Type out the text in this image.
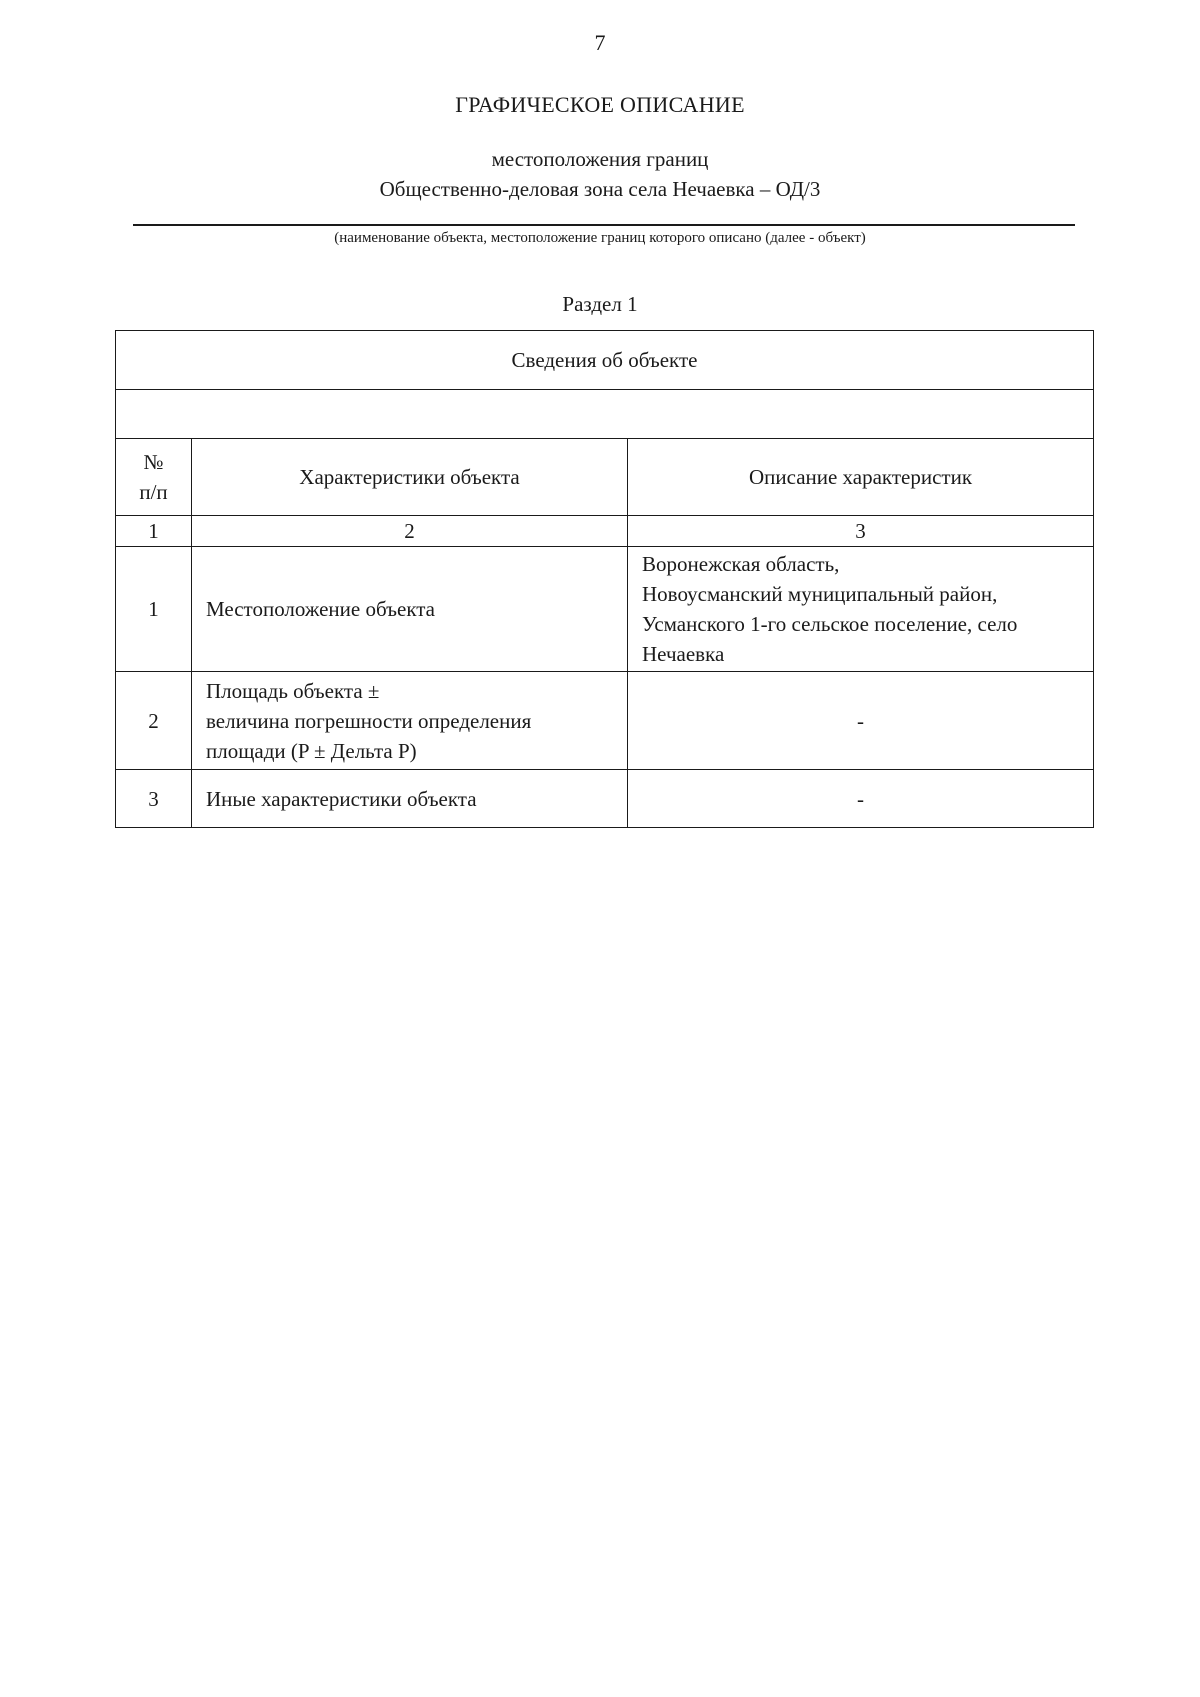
7
ГРАФИЧЕСКОЕ ОПИСАНИЕ
местоположения границ
Общественно-деловая зона села Нечаевка – ОД/3
(наименование объекта, местоположение границ которого описано (далее - объект)
Раздел 1
Сведения об объекте		

№
п/п	Характеристики объекта	Описание характеристик
1	2	3
1	Местоположение объекта	Воронежская область,
Новоусманский муниципальный район,
Усманского 1-го сельское поселение, село
Нечаевка
2	Площадь объекта ±
величина погрешности определения
площади (P ± Дельта P)	-
3	Иные характеристики объекта	-
